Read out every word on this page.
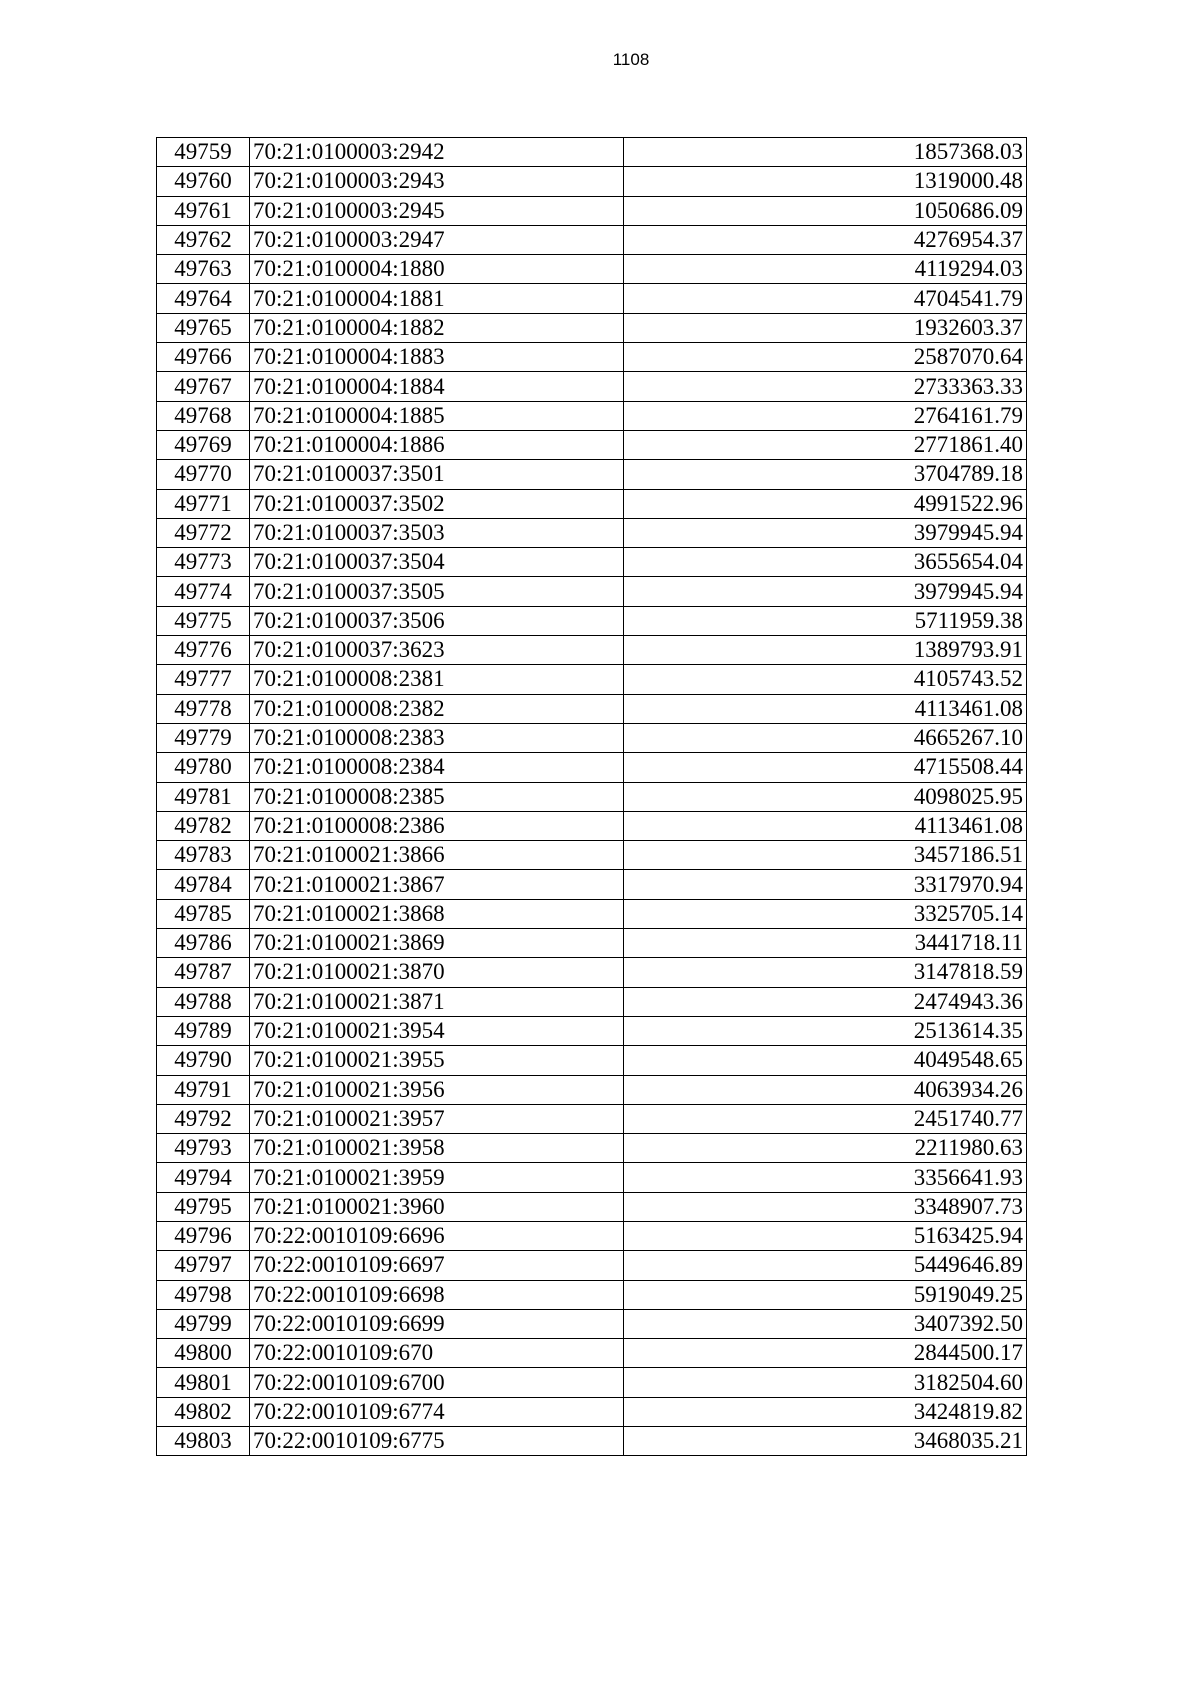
1108
49759	70:21:0100003:2942	1857368.03
49760	70:21:0100003:2943	1319000.48
49761	70:21:0100003:2945	1050686.09
49762	70:21:0100003:2947	4276954.37
49763	70:21:0100004:1880	4119294.03
49764	70:21:0100004:1881	4704541.79
49765	70:21:0100004:1882	1932603.37
49766	70:21:0100004:1883	2587070.64
49767	70:21:0100004:1884	2733363.33
49768	70:21:0100004:1885	2764161.79
49769	70:21:0100004:1886	2771861.40
49770	70:21:0100037:3501	3704789.18
49771	70:21:0100037:3502	4991522.96
49772	70:21:0100037:3503	3979945.94
49773	70:21:0100037:3504	3655654.04
49774	70:21:0100037:3505	3979945.94
49775	70:21:0100037:3506	5711959.38
49776	70:21:0100037:3623	1389793.91
49777	70:21:0100008:2381	4105743.52
49778	70:21:0100008:2382	4113461.08
49779	70:21:0100008:2383	4665267.10
49780	70:21:0100008:2384	4715508.44
49781	70:21:0100008:2385	4098025.95
49782	70:21:0100008:2386	4113461.08
49783	70:21:0100021:3866	3457186.51
49784	70:21:0100021:3867	3317970.94
49785	70:21:0100021:3868	3325705.14
49786	70:21:0100021:3869	3441718.11
49787	70:21:0100021:3870	3147818.59
49788	70:21:0100021:3871	2474943.36
49789	70:21:0100021:3954	2513614.35
49790	70:21:0100021:3955	4049548.65
49791	70:21:0100021:3956	4063934.26
49792	70:21:0100021:3957	2451740.77
49793	70:21:0100021:3958	2211980.63
49794	70:21:0100021:3959	3356641.93
49795	70:21:0100021:3960	3348907.73
49796	70:22:0010109:6696	5163425.94
49797	70:22:0010109:6697	5449646.89
49798	70:22:0010109:6698	5919049.25
49799	70:22:0010109:6699	3407392.50
49800	70:22:0010109:670	2844500.17
49801	70:22:0010109:6700	3182504.60
49802	70:22:0010109:6774	3424819.82
49803	70:22:0010109:6775	3468035.21
